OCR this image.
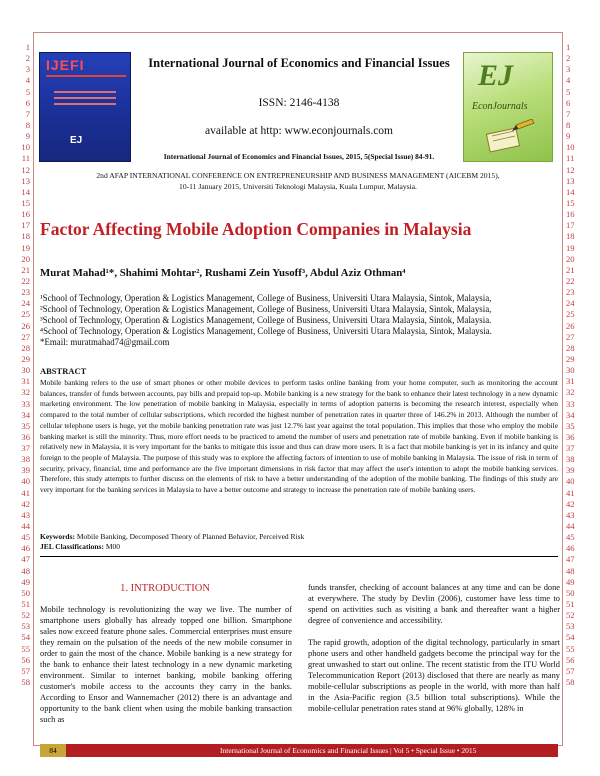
1
2
3
4
5
6
7
8
9
10
11
12
13
14
15
16
17
18
19
20
21
22
23
24
25
26
27
28
29
30
31
32
33
34
35
36
37
38
39
40
41
42
43
44
45
46
47
48
49
50
51
52
53
54
55
56
57
58
1
2
3
4
5
6
7
8
9
10
11
12
13
14
15
16
17
18
19
20
21
22
23
24
25
26
27
28
29
30
31
32
33
34
35
36
37
38
39
40
41
42
43
44
45
46
47
48
49
50
51
52
53
54
55
56
57
58
IJEFI
EJ
EJ
EconJournals
International Journal of Economics and Financial Issues
ISSN: 2146-4138
available at http: www.econjournals.com
International Journal of Economics and Financial Issues, 2015, 5(Special Issue) 84-91.
2nd AFAP INTERNATIONAL CONFERENCE ON ENTREPRENEURSHIP AND BUSINESS MANAGEMENT (AICEBM 2015),
10-11 January 2015, Universiti Teknologi Malaysia, Kuala Lumpur, Malaysia.
Factor Affecting Mobile Adoption Companies in Malaysia
Murat Mahad¹*, Shahimi Mohtar², Rushami Zein Yusoff³, Abdul Aziz Othman⁴
¹School of Technology, Operation & Logistics Management, College of Business, Universiti Utara Malaysia, Sintok, Malaysia,
²School of Technology, Operation & Logistics Management, College of Business, Universiti Utara Malaysia, Sintok, Malaysia,
³School of Technology, Operation & Logistics Management, College of Business, Universiti Utara Malaysia, Sintok, Malaysia.
⁴School of Technology, Operation & Logistics Management, College of Business, Universiti Utara Malaysia, Sintok, Malaysia.
*Email: muratmahad74@gmail.com
ABSTRACT
Mobile banking refers to the use of smart phones or other mobile devices to perform tasks online banking from your home computer, such as monitoring the account balances, transfer of funds between accounts, pay bills and prepaid top-up. Mobile banking is a new strategy for the bank to enhance their latest technology in a new dynamic marketing environment. The low penetration of mobile banking in Malaysia, especially in terms of adoption patterns is becoming the research interest, especially when compared to the total number of cellular subscriptions, which recorded the highest number of penetration rates in quarter three of 146.2% in 2013. Although the number of cellular telephone users is huge, yet the mobile banking penetration rate was just 12.7% last year against the total population. This implies that those who employ the mobile banking market is still the minority. Thus, more effort needs to be practiced to amend the number of users and penetration rate of mobile banking. Even if mobile banking is relatively new in Malaysia, it is very important for the banks to mitigate this issue and thus can draw more users. It is a fact that mobile banking is yet in its infancy and quite foreign to the people of Malaysia. The purpose of this study was to explore the affecting factors of intention to use of mobile banking in Malaysia. The issue of risk in term of security, privacy, financial, time and performance are the five important dimensions in risk factor that may affect the user's intention to adopt the mobile banking services. Therefore, this study attempts to further discuss on the elements of risk to have a better understanding of the adoption of the mobile banking. The findings of this study are very important for the banking services in Malaysia to have a better outcome and strategy to increase the penetration rate of mobile banking users.
Keywords: Mobile Banking, Decomposed Theory of Planned Behavior, Perceived Risk
JEL Classifications: M00
1. INTRODUCTION

Mobile technology is revolutionizing the way we live. The number of smartphone users globally has already topped one billion. Smartphone sales now exceed feature phone sales. Commercial enterprises must ensure they remain on the pulsation of the needs of the new mobile consumer in order to gain the most of the chance. Mobile banking is a new strategy for the bank to enhance their latest technology in a new dynamic marketing environment. Similar to internet banking, mobile banking offering customer's mobile access to the accounts they carry in the banks. According to Ensor and Wannemacher (2012) there is an advantage and opportunity to the bank client when using the mobile banking transaction such as

funds transfer, checking of account balances at any time and can be done at everywhere. The study by Devlin (2006), customer have less time to spend on activities such as visiting a bank and thereafter want a higher degree of convenience and accessibility.

The rapid growth, adoption of the digital technology, particularly in smart phone users and other handheld gadgets become the principal way for the great unwashed to start out online. The recent statistic from the ITU World Telecommunication Report (2013) disclosed that there are nearly as many mobile-cellular subscriptions as people in the world, with more than half in the Asia-Pacific region (3.5 billion total subscriptions). While the mobile-cellular penetration rates stand at 96% globally, 128% in

84	International Journal of Economics and Financial Issues | Vol 5 • Special Issue • 2015
